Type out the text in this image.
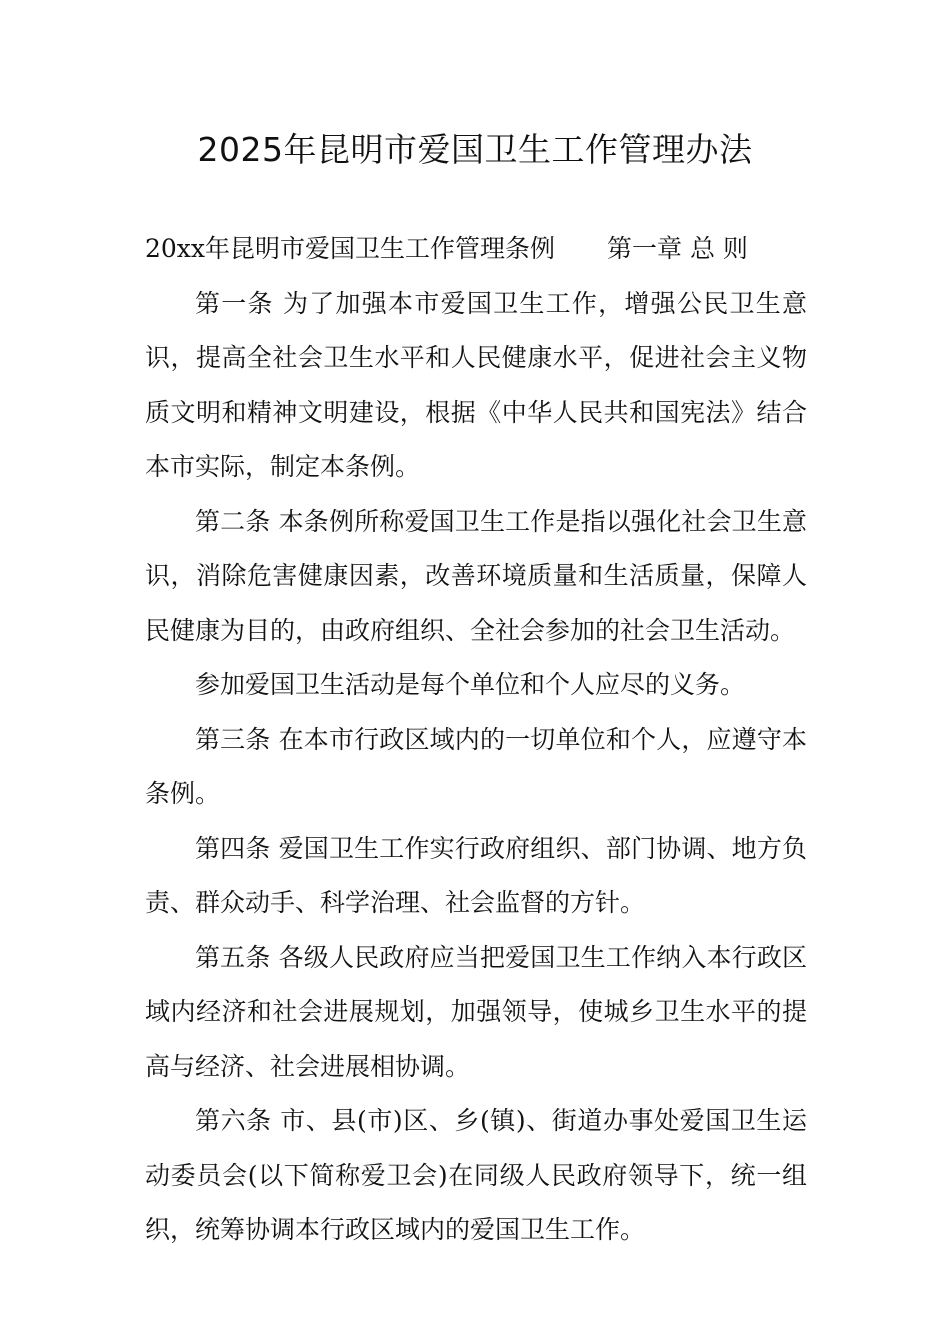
2025年昆明市爱国卫生工作管理办法

20xx年昆明市爱国卫生工作管理条例 第一章 总 则

第一条 为了加强本市爱国卫生工作，增强公民卫生意识，提高全社会卫生水平和人民健康水平，促进社会主义物质文明和精神文明建设，根据《中华人民共和国宪法》结合本市实际，制定本条例。

第二条 本条例所称爱国卫生工作是指以强化社会卫生意识，消除危害健康因素，改善环境质量和生活质量，保障人民健康为目的，由政府组织、全社会参加的社会卫生活动。

参加爱国卫生活动是每个单位和个人应尽的义务。

第三条 在本市行政区域内的一切单位和个人，应遵守本条例。

第四条 爱国卫生工作实行政府组织、部门协调、地方负责、群众动手、科学治理、社会监督的方针。

第五条 各级人民政府应当把爱国卫生工作纳入本行政区域内经济和社会进展规划，加强领导，使城乡卫生水平的提高与经济、社会进展相协调。

第六条 市、县(市)区、乡(镇)、街道办事处爱国卫生运动委员会(以下简称爱卫会)在同级人民政府领导下，统一组织，统筹协调本行政区域内的爱国卫生工作。
